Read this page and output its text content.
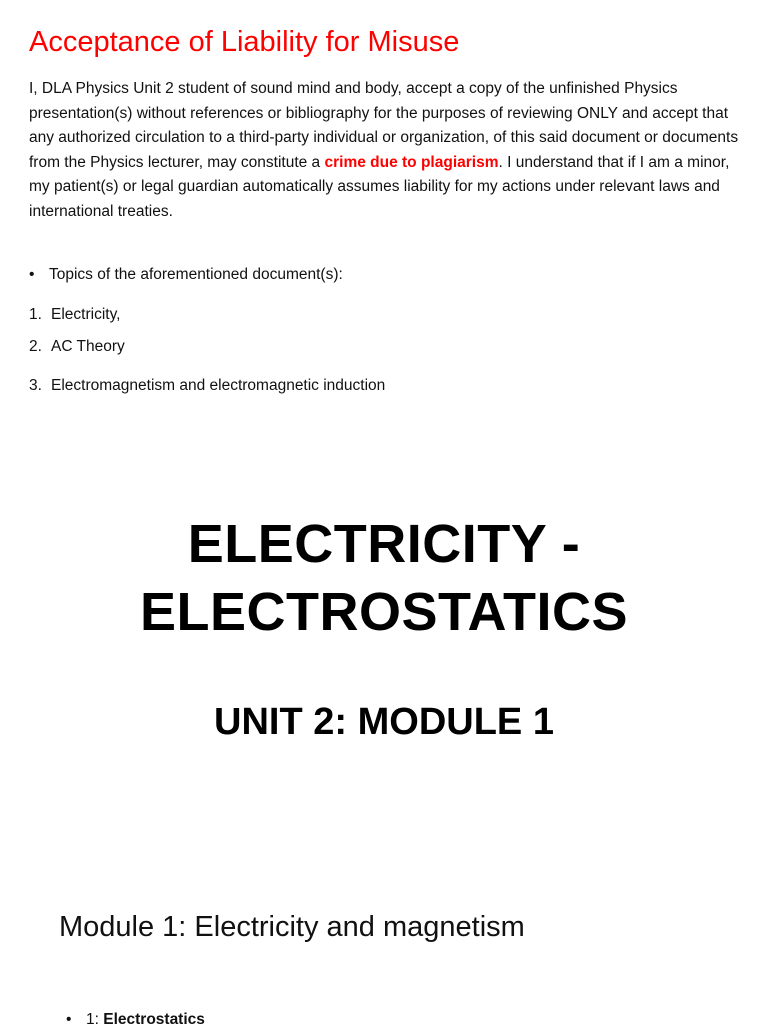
Acceptance of Liability for Misuse

I, DLA Physics Unit 2 student of sound mind and body, accept a copy of the unfinished Physics presentation(s) without references or bibliography for the purposes of reviewing ONLY and accept that any authorized circulation to a third-party individual or organization, of this said document or documents from the Physics lecturer, may constitute a crime due to plagiarism. I understand that if I am a minor, my patient(s) or legal guardian automatically assumes liability for my actions under relevant laws and international treaties.

• Topics of the aforementioned document(s):

1. Electricity,

2. AC Theory

3. Electromagnetism and electromagnetic induction

ELECTRICITY -
ELECTROSTATICS
UNIT 2: MODULE 1
Module 1: Electricity and magnetism

• 1: Electrostatics
